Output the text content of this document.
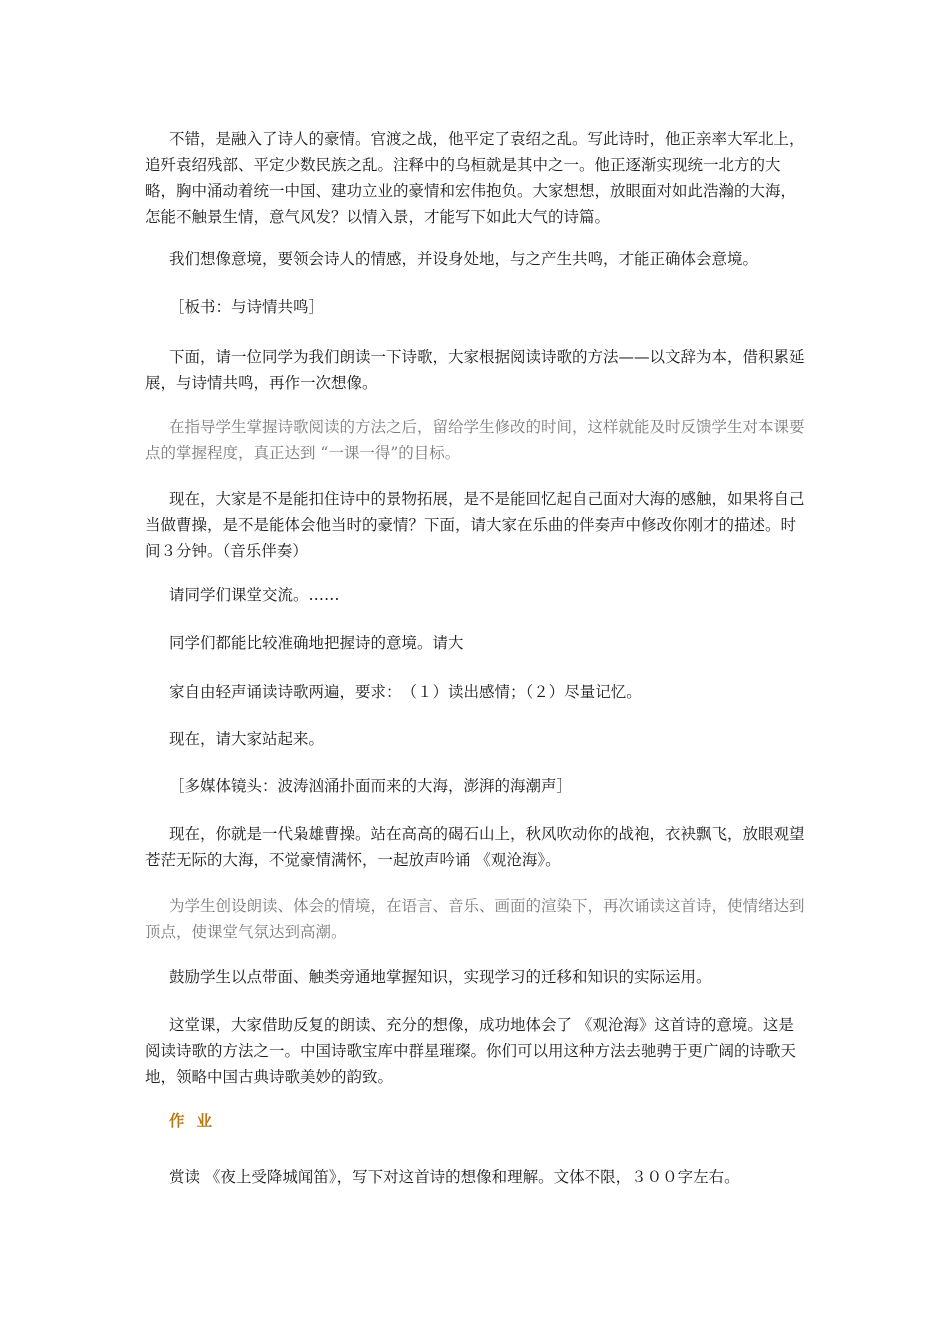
不错，是融入了诗人的豪情。官渡之战，他平定了袁绍之乱。写此诗时，他正亲率大军北上，追歼袁绍残部、平定少数民族之乱。注释中的乌桓就是其中之一。他正逐渐实现统一北方的大略，胸中涌动着统一中国、建功立业的豪情和宏伟抱负。大家想想，放眼面对如此浩瀚的大海，怎能不触景生情，意气风发？以情入景，才能写下如此大气的诗篇。

我们想像意境，要领会诗人的情感，并设身处地，与之产生共鸣，才能正确体会意境。

［板书：与诗情共鸣］

下面，请一位同学为我们朗读一下诗歌，大家根据阅读诗歌的方法——以文辞为本，借积累延展，与诗情共鸣，再作一次想像。

在指导学生掌握诗歌阅读的方法之后，留给学生修改的时间，这样就能及时反馈学生对本课要点的掌握程度，真正达到 “一课一得”的目标。

现在，大家是不是能扣住诗中的景物拓展，是不是能回忆起自己面对大海的感触，如果将自己当做曹操，是不是能体会他当时的豪情？下面，请大家在乐曲的伴奏声中修改你刚才的描述。时间３分钟。（音乐伴奏）

请同学们课堂交流。……

同学们都能比较准确地把握诗的意境。请大

家自由轻声诵读诗歌两遍，要求：　（１）读出感情；（２）尽量记忆。

现在，请大家站起来。

［多媒体镜头：波涛汹涌扑面而来的大海，澎湃的海潮声］

现在，你就是一代枭雄曹操。站在高高的碣石山上，秋风吹动你的战袍，衣袂飘飞，放眼观望苍茫无际的大海，不觉豪情满怀，一起放声吟诵 《观沧海》。

为学生创设朗读、体会的情境，在语言、音乐、画面的渲染下，再次诵读这首诗，使情绪达到顶点，使课堂气氛达到高潮。

鼓励学生以点带面、触类旁通地掌握知识，实现学习的迁移和知识的实际运用。

这堂课，大家借助反复的朗读、充分的想像，成功地体会了 《观沧海》这首诗的意境。这是阅读诗歌的方法之一。中国诗歌宝库中群星璀璨。你们可以用这种方法去驰骋于更广阔的诗歌天地，领略中国古典诗歌美妙的韵致。

作业

赏读 《夜上受降城闻笛》，写下对这首诗的想像和理解。文体不限，３００字左右。
